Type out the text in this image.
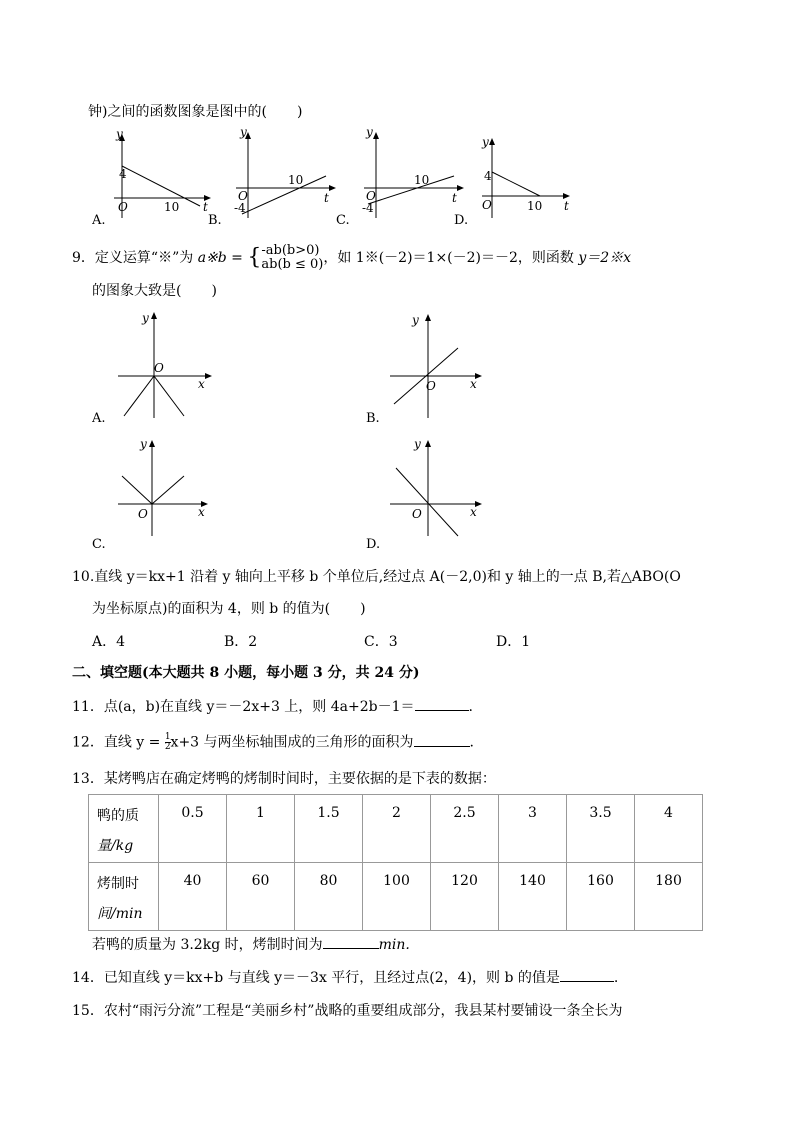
钟)之间的函数图象是图中的( )
y
t
O
4
10
A.
y
t
O
-4
10
B.
y
t
O
-4
10
C.
y
t
O
4
10
D.
9．定义运算“※”为 a※b = { -ab(b>0)
ab(b ≤ 0) ，如 1※(－2)＝1×(－2)＝－2，则函数 y＝2※x
的图象大致是( )
y
x
O
A.
y
x
O
B.
y
x
O
C.
y
x
O
D.
10.直线 y＝kx+1 沿着 y 轴向上平移 b 个单位后,经过点 A(－2,0)和 y 轴上的一点 B,若△ABO(O
为坐标原点)的面积为 4，则 b 的值为( )
A．4	B．2	C．3	D．1
二、填空题(本大题共 8 小题，每小题 3 分，共 24 分)
11．点(a，b)在直线 y＝－2x+3 上，则 4a+2b－1＝	.
12．直线 $y = \frac{1}{2}x+3$ 与两坐标轴围成的三角形的面积为	.
13．某烤鸭店在确定烤鸭的烤制时间时，主要依据的是下表的数据：
鸭的质
量/kg	0.5	1	1.5	2	2.5	3	3.5	4

烤制时
间/min	40	60	80	100	120	140	160	180
若鸭的质量为 3.2kg 时，烤制时间为	min.
14．已知直线 y＝kx+b 与直线 y＝－3x 平行，且经过点(2，4)，则 b 的值是	.
15．农村“雨污分流”工程是“美丽乡村”战略的重要组成部分，我县某村要铺设一条全长为
